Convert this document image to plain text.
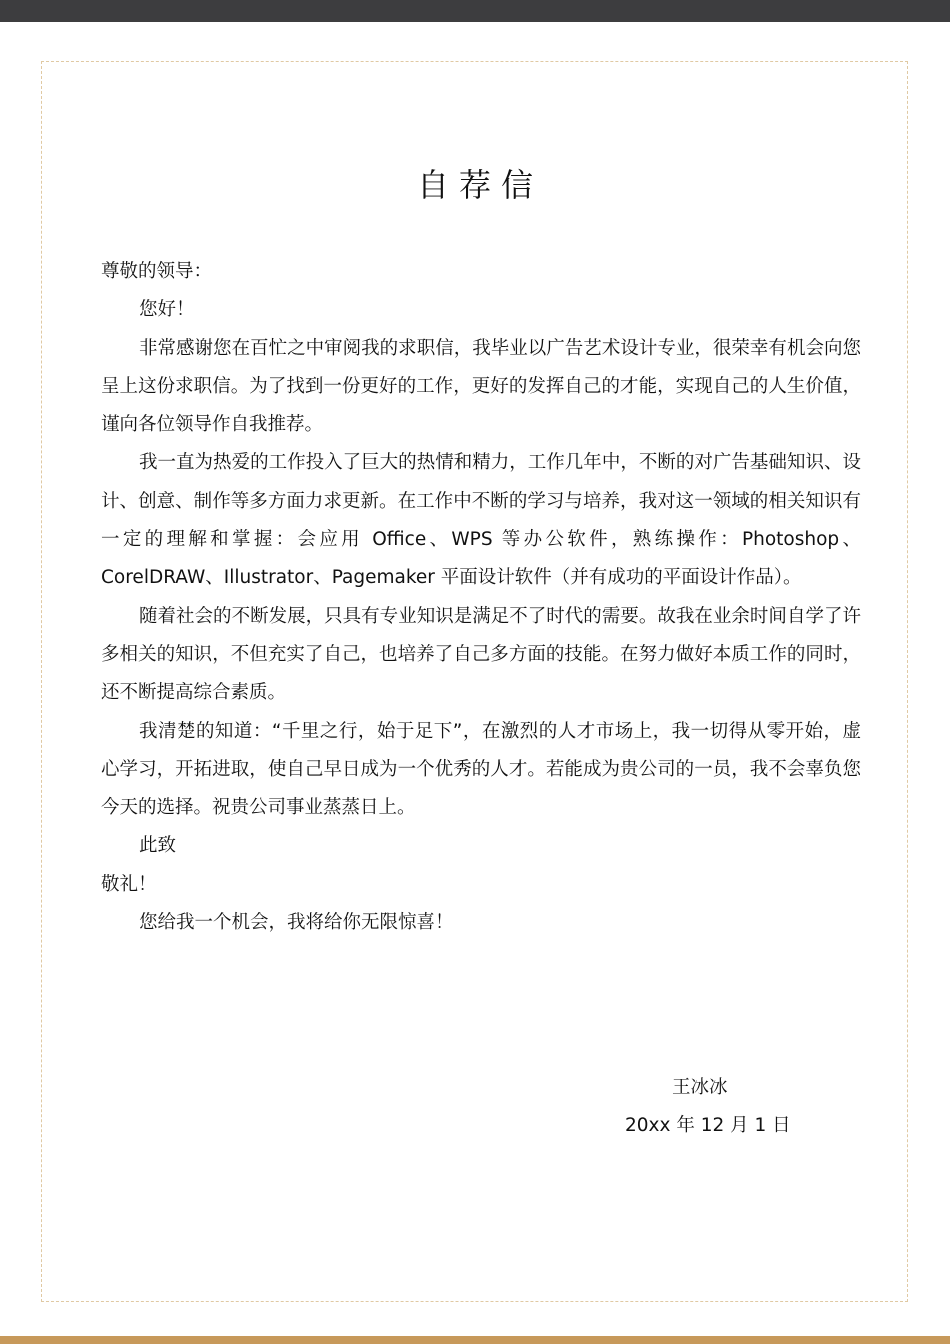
自荐信

尊敬的领导：

您好！

非常感谢您在百忙之中审阅我的求职信，我毕业以广告艺术设计专业，很荣幸有机会向您呈上这份求职信。为了找到一份更好的工作，更好的发挥自己的才能，实现自己的人生价值，谨向各位领导作自我推荐。

我一直为热爱的工作投入了巨大的热情和精力，工作几年中，不断的对广告基础知识、设计、创意、制作等多方面力求更新。在工作中不断的学习与培养，我对这一领域的相关知识有一定的理解和掌握：会应用 Office、WPS 等办公软件，熟练操作：Photoshop、CorelDRAW、Illustrator、Pagemaker 平面设计软件（并有成功的平面设计作品）。

随着社会的不断发展，只具有专业知识是满足不了时代的需要。故我在业余时间自学了许多相关的知识，不但充实了自己，也培养了自己多方面的技能。在努力做好本质工作的同时，还不断提高综合素质。

我清楚的知道：“千里之行，始于足下”，在激烈的人才市场上，我一切得从零开始，虚心学习，开拓进取，使自己早日成为一个优秀的人才。若能成为贵公司的一员，我不会辜负您今天的选择。祝贵公司事业蒸蒸日上。

此致

敬礼！

您给我一个机会，我将给你无限惊喜！

王冰冰
20xx 年 12 月 1 日
